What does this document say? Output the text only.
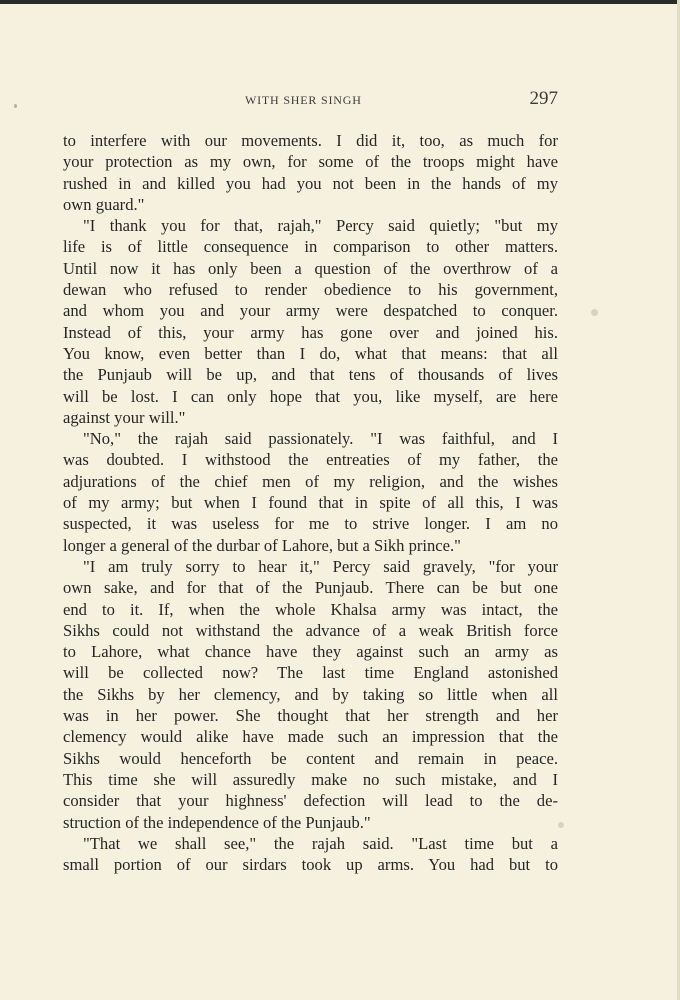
WITH SHER SINGH	297
to interfere with our movements. I did it, too, as much for
your protection as my own, for some of the troops might have
rushed in and killed you had you not been in the hands of my
own guard."
"I thank you for that, rajah," Percy said quietly; "but my
life is of little consequence in comparison to other matters.
Until now it has only been a question of the overthrow of a
dewan who refused to render obedience to his government,
and whom you and your army were despatched to conquer.
Instead of this, your army has gone over and joined his.
You know, even better than I do, what that means: that all
the Punjaub will be up, and that tens of thousands of lives
will be lost. I can only hope that you, like myself, are here
against your will."
"No," the rajah said passionately. "I was faithful, and I
was doubted. I withstood the entreaties of my father, the
adjurations of the chief men of my religion, and the wishes
of my army; but when I found that in spite of all this, I was
suspected, it was useless for me to strive longer. I am no
longer a general of the durbar of Lahore, but a Sikh prince."
"I am truly sorry to hear it," Percy said gravely, "for your
own sake, and for that of the Punjaub. There can be but one
end to it. If, when the whole Khalsa army was intact, the
Sikhs could not withstand the advance of a weak British force
to Lahore, what chance have they against such an army as
will be collected now? The last time England astonished
the Sikhs by her clemency, and by taking so little when all
was in her power. She thought that her strength and her
clemency would alike have made such an impression that the
Sikhs would henceforth be content and remain in peace.
This time she will assuredly make no such mistake, and I
consider that your highness' defection will lead to the de-
struction of the independence of the Punjaub."
"That we shall see," the rajah said. "Last time but a
small portion of our sirdars took up arms. You had but to
